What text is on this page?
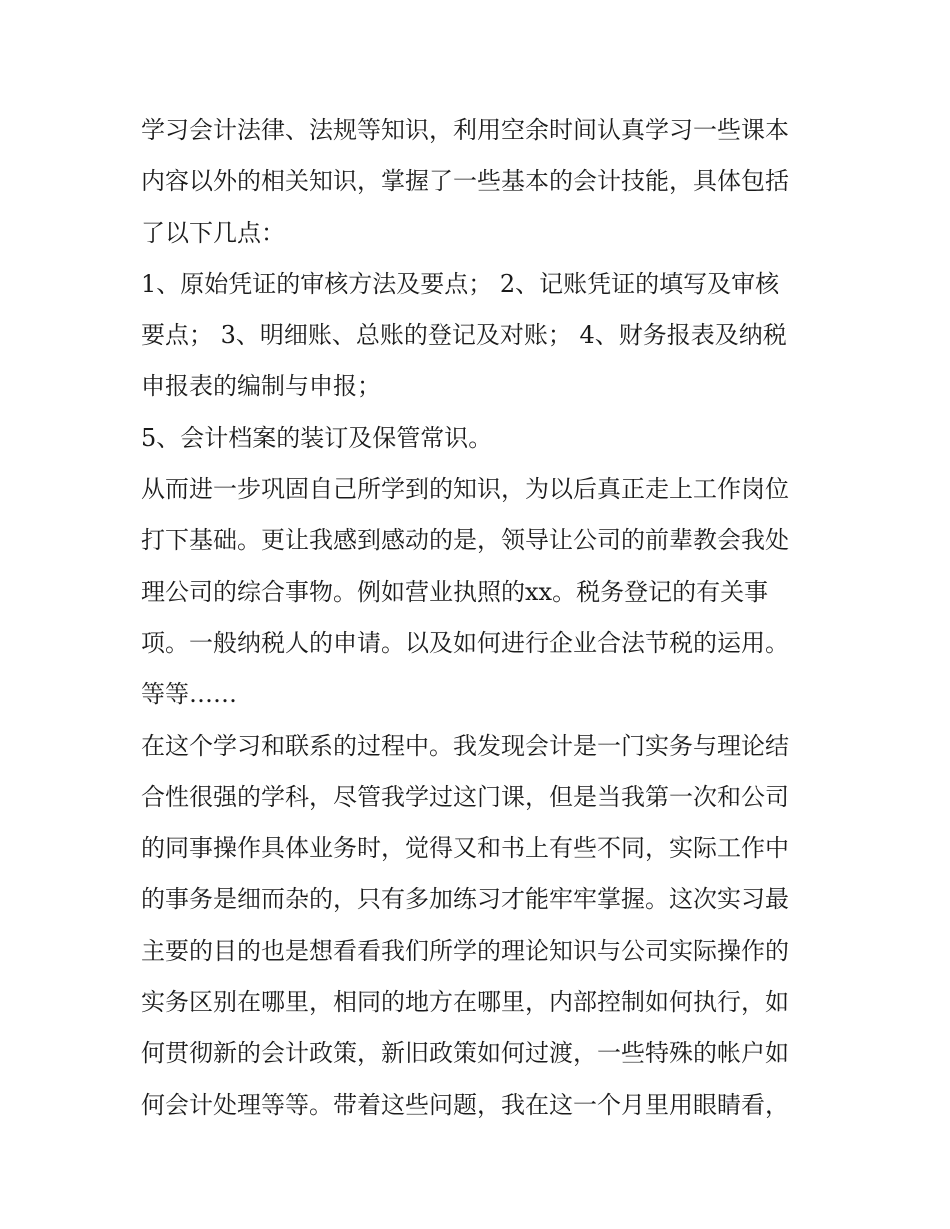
学习会计法律、法规等知识，利用空余时间认真学习一些课本
内容以外的相关知识，掌握了一些基本的会计技能，具体包括
了以下几点：
1、原始凭证的审核方法及要点； 2、记账凭证的填写及审核
要点； 3、明细账、总账的登记及对账； 4、财务报表及纳税
申报表的编制与申报；
5、会计档案的装订及保管常识。
从而进一步巩固自己所学到的知识，为以后真正走上工作岗位
打下基础。更让我感到感动的是，领导让公司的前辈教会我处
理公司的综合事物。例如营业执照的xx。税务登记的有关事
项。一般纳税人的申请。以及如何进行企业合法节税的运用。
等等……
在这个学习和联系的过程中。我发现会计是一门实务与理论结
合性很强的学科，尽管我学过这门课，但是当我第一次和公司
的同事操作具体业务时，觉得又和书上有些不同，实际工作中
的事务是细而杂的，只有多加练习才能牢牢掌握。这次实习最
主要的目的也是想看看我们所学的理论知识与公司实际操作的
实务区别在哪里，相同的地方在哪里，内部控制如何执行，如
何贯彻新的会计政策，新旧政策如何过渡，一些特殊的帐户如
何会计处理等等。带着这些问题，我在这一个月里用眼睛看，
